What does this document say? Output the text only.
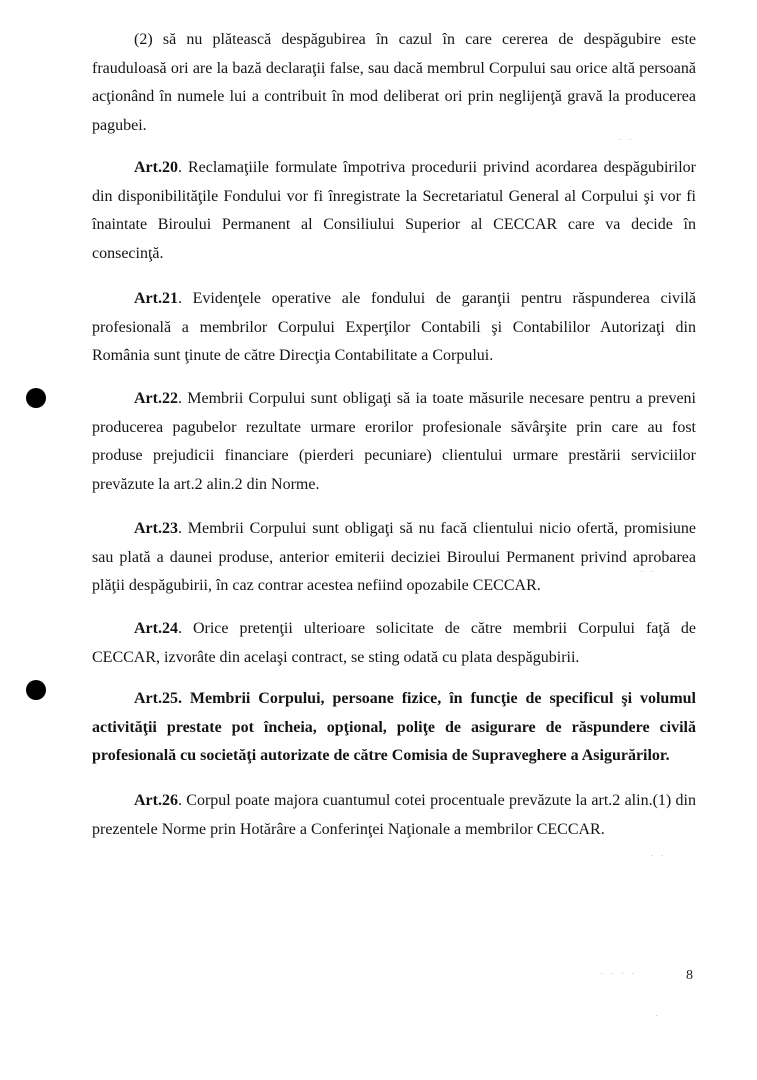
(2) să nu plătească despăgubirea în cazul în care cererea de despăgubire este frauduloasă ori are la bază declaraţii false, sau dacă membrul Corpului sau orice altă persoană acţionând în numele lui a contribuit în mod deliberat ori prin neglijenţă gravă la producerea pagubei.

Art.20. Reclamaţiile formulate împotriva procedurii privind acordarea despăgubirilor din disponibilităţile Fondului vor fi înregistrate la Secretariatul General al Corpului şi vor fi înaintate Biroului Permanent al Consiliului Superior al CECCAR care va decide în consecinţă.

Art.21. Evidenţele operative ale fondului de garanţii pentru răspunderea civilă profesională a membrilor Corpului Experţilor Contabili şi Contabililor Autorizaţi din România sunt ţinute de către Direcţia Contabilitate a Corpului.

Art.22. Membrii Corpului sunt obligaţi să ia toate măsurile necesare pentru a preveni producerea pagubelor rezultate urmare erorilor profesionale săvârşite prin care au fost produse prejudicii financiare (pierderi pecuniare) clientului urmare prestării serviciilor prevăzute la art.2 alin.2 din Norme.

Art.23. Membrii Corpului sunt obligaţi să nu facă clientului nicio ofertă, promisiune sau plată a daunei produse, anterior emiterii deciziei Biroului Permanent privind aprobarea plăţii despăgubirii, în caz contrar acestea nefiind opozabile CECCAR.

Art.24. Orice pretenţii ulterioare solicitate de către membrii Corpului faţă de CECCAR, izvorâte din acelaşi contract, se sting odată cu plata despăgubirii.

Art.25. Membrii Corpului, persoane fizice, în funcţie de specificul şi volumul activităţii prestate pot încheia, opţional, poliţe de asigurare de răspundere civilă profesională cu societăţi autorizate de către Comisia de Supraveghere a Asigurărilor.

Art.26. Corpul poate majora cuantumul cotei procentuale prevăzute la art.2 alin.(1) din prezentele Norme prin Hotărâre a Conferinţei Naţionale a membrilor CECCAR.

8
· ·
· ·
· ·
· · · ·
·
